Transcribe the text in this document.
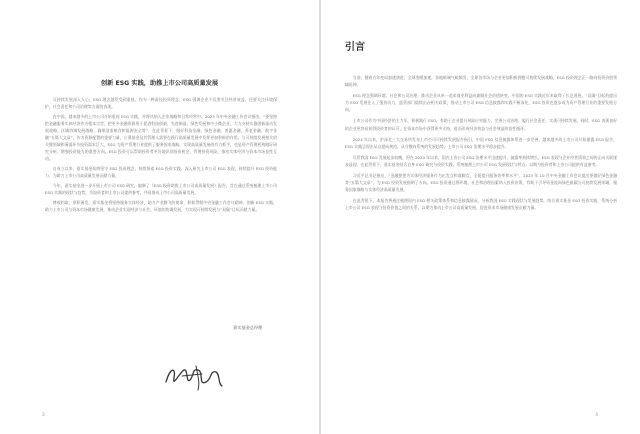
创新 ESG 实践，助推上市公司高质量发展

可持续发展深入人心，ESG 理念越发受到重视。作为一种责任投资理念，ESG 强调企业不仅要关注经济效益，还要关注环境保护、社会责任和公司治理等方面的表现。

在中国，越来越多的上市公司开始重视 ESG 实践，并将其纳入企业战略和日常经营中。2023 年中央金融工作会议指出，“要坚持把金融服务实体经济作为根本宗旨，把更多金融资源用于促进科技创新、先进制造、绿色发展和中小微企业，大力支持实施创新驱动发展战略、区域协调发展战略，确保国家粮食和能源安全等”，在此背景下，做好科技金融、绿色金融、普惠金融、养老金融、数字金融“五篇大文章”，作为资源配置的重要力量，公募基金及其管理人需要在践行高质量发展中发挥更加积极的作用。与可持续发展相关的关键领域和薄弱环节投资需求巨大，ESG 为资产管理行业提供了服务国家战略、实现高质量发展的有力抓手，也是资产管理机构做好研究分析、增强投资能力的重要方向。ESG 投资可以帮助投资者更好地识别投资机会、管理投资风险，推动实体经济与资本市场良性互动。

自成立以来，嘉实基金始终坚守 ESG 投资理念，持续探索 ESG 投资实践，深入研究上市公司 ESG 表现，持续提升 ESG 投资能力，为助力上市公司高质量发展贡献力量。

今年，嘉实基金进一步开展上市公司 ESG 研究，编制了《ESG 投资助推上市公司高质量发展》报告，旨在通过系统梳理上市公司 ESG 实践的现状与趋势，为投资者和上市公司提供参考，共同推动上市公司高质量发展。

博观约取，厚积薄发。嘉实基金将坚持服务实体经济，助力产业腾飞的使命，积极贯彻中央金融工作会议精神，创新 ESG 实践，助力上市公司与资本市场健康发展，推动企业实现经济与社会、环境的协调发展，为实现可持续发展与“双碳”目标贡献力量。

嘉实基金总经理
3
引言

当前，随着百年变局加速演进，全球变暖加速，各地极端气候频发，全球各市场与企业更加积极拥抱可持续发展战略，ESG 投资理念正一路向投资价值领域延伸。

ESG 理念强调环境、社会和公司治理，推动企业从单一追求商业利益向兼顾社会价值转变。中国的 ESG 实践近年来取得了长足进展，“双碳”目标的提出为 ESG 发展注入了强劲动力，监管部门陆续出台相关政策，推动上市公司 ESG 信息披露和实践不断深化，ESG 投资也逐步成为资产管理行业的重要发展方向。

上市公司作为中国经济的主力军，积极践行 ESG，有助于企业提升风险应对能力、完善公司治理、履行社会责任，实现可持续发展。同时，ESG 表现良好的企业更容易获得投资者的认可，在资本市场中获得更多支持，进而形成经济效益与社会效益的良性循环。

2024 年以来，沪深北三大交易所发布上市公司可持续发展报告指引，中国 ESG 信息披露体系进一步完善，越来越多的上市公司开始披露 ESG 报告，ESG 实践呈现出从自愿向规范、从分散向系统的发展趋势，上市公司 ESG 治理水平稳步提升。

尽管我国 ESG 发展起步较晚，但在 2020 年以来，国内上市公司 ESG 治理水平迅速提升，披露率持续增长，ESG 表现与企业经营绩效之间的正向关联逐步显现。在此背景下，嘉实基金结合自身 ESG 研究与投资实践，系统梳理上市公司 ESG 发展现状与特点，以期为投资者和上市公司提供有益参考。

习近平总书记指出，“金融要把为实体经济服务作为出发点和落脚点，全面提升服务效率和水平”。2023 年 10 月中央金融工作会议提出要做好绿色金融等“五篇大文章”，为 ESG 投资发展指明了方向。ESG 投资通过将环境、社会和治理因素纳入投资决策，有助于引导资金流向绿色低碳与可持续发展领域，服务国家战略与实体经济高质量发展。

在此背景下，本报告将通过梳理国内 ESG 相关政策体系和信息披露情况、分析我国 ESG 实践现状与发展趋势，结合嘉实基金 ESG 投资实践，系统分析上市公司 ESG 表现与投资价值之间的关系，以期为推动上市公司高质量发展、促进资本市场健康发展贡献力量。

4
